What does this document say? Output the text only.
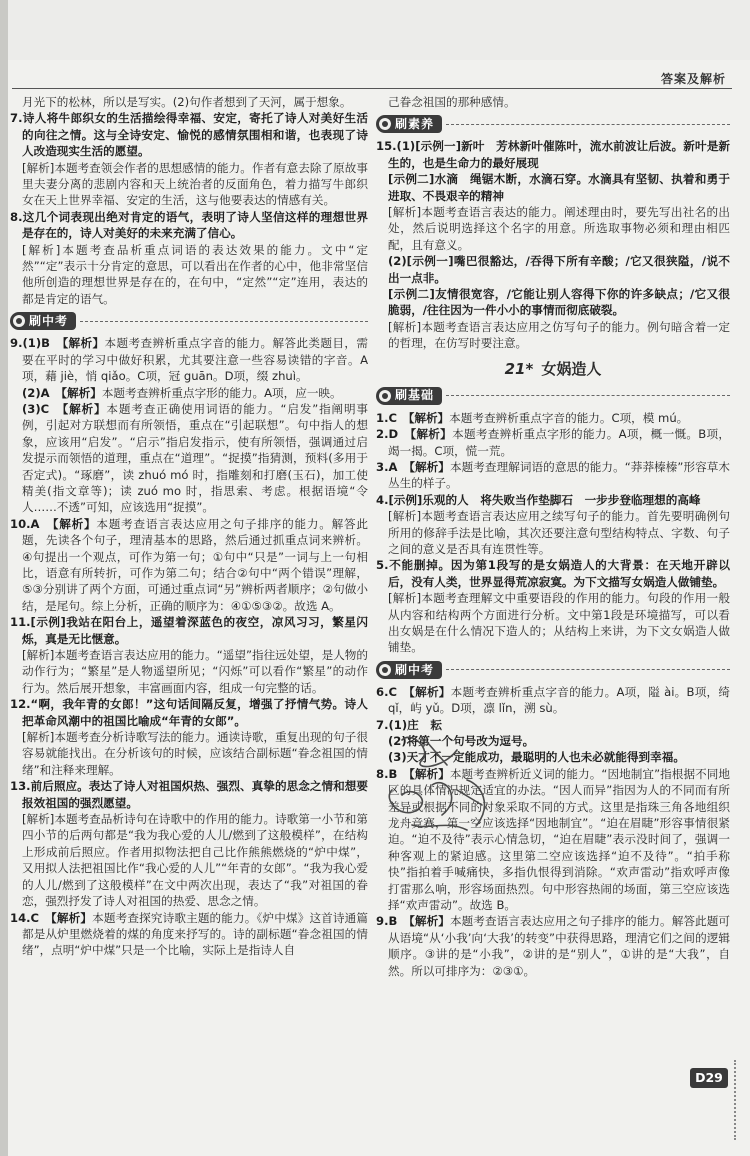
答案及解析

月光下的松林，所以是写实。(2)句作者想到了天河，属于想象。

7.诗人将牛郎织女的生活描绘得幸福、安定，寄托了诗人对美好生活的向往之情。这与全诗安定、愉悦的感情氛围相和谐，也表现了诗人改造现实生活的愿望。

[解析]本题考查领会作者的思想感情的能力。作者有意去除了原故事里夫妻分离的悲剧内容和天上统治者的反面角色，着力描写牛郎织女在天上世界幸福、安定的生活，这与他要表达的情感有关。

8.这几个词表现出绝对肯定的语气，表明了诗人坚信这样的理想世界是存在的，诗人对美好的未来充满了信心。

[解析]本题考查品析重点词语的表达效果的能力。文中“定然”“定”表示十分肯定的意思，可以看出在作者的心中，他非常坚信他所创造的理想世界是存在的，在句中，“定然”“定”连用，表达的都是肯定的语气。

刷中考

9.(1)B　【解析】本题考查辨析重点字音的能力。解答此类题目，需要在平时的学习中做好积累，尤其要注意一些容易读错的字音。A项，藉 jiè，悄 qiǎo。C项，冠 guān。D项，缀 zhuì。

(2)A　【解析】本题考查辨析重点字形的能力。A项，应一映。

(3)C　【解析】本题考查正确使用词语的能力。“启发”指阐明事例，引起对方联想而有所领悟，重点在“引起联想”。句中指人的想象，应该用“启发”。“启示”指启发指示，使有所领悟，强调通过启发提示而领悟的道理，重点在“道理”。“捉摸”指猜测，预料(多用于否定式)。“琢磨”，读 zhuó mó 时，指雕刻和打磨(玉石)，加工使精美(指文章等)；读 zuó mo 时，指思索、考虑。根据语境“令人……不透”可知，应该选用“捉摸”。

10.A　【解析】本题考查语言表达应用之句子排序的能力。解答此题，先读各个句子，理清基本的思路，然后通过抓重点词来辨析。④句提出一个观点，可作为第一句；①句中“只是”一词与上一句相比，语意有所转折，可作为第二句；结合②句中“两个错误”理解，⑤③分别讲了两个方面，可通过重点词“另”辨析两者顺序；②句做小结，是尾句。综上分析，正确的顺序为：④①⑤③②。故选 A。

11.[示例]我站在阳台上，遥望着深蓝色的夜空，凉风习习，繁星闪烁，真是无比惬意。

[解析]本题考查语言表达应用的能力。“遥望”指往远处望，是人物的动作行为；“繁星”是人物遥望所见；“闪烁”可以看作“繁星”的动作行为。然后展开想象，丰富画面内容，组成一句完整的话。

12.“啊，我年青的女郎！”这句话间隔反复，增强了抒情气势。诗人把革命风潮中的祖国比喻成“年青的女郎”。

[解析]本题考查分析诗歌写法的能力。通读诗歌，重复出现的句子很容易就能找出。在分析该句的时候，应该结合副标题“眷念祖国的情绪”和注释来理解。

13.前后照应。表达了诗人对祖国炽热、强烈、真挚的思念之情和想要报效祖国的强烈愿望。

[解析]本题考查品析诗句在诗歌中的作用的能力。诗歌第一小节和第四小节的后两句都是“我为我心爱的人儿/燃到了这般模样”，在结构上形成前后照应。作者用拟物法把自己比作熊熊燃烧的“炉中煤”，又用拟人法把祖国比作“我心爱的人儿”“年青的女郎”。“我为我心爱的人儿/燃到了这般模样”在文中两次出现，表达了“我”对祖国的眷恋，强烈抒发了诗人对祖国的热爱、思念之情。

14.C　【解析】本题考查探究诗歌主题的能力。《炉中煤》这首诗通篇都是从炉里燃烧着的煤的角度来抒写的。诗的副标题“眷念祖国的情绪”，点明“炉中煤”只是一个比喻，实际上是指诗人自

己眷念祖国的那种感情。

刷素养

15.(1)[示例一]新叶　芳林新叶催陈叶，流水前波让后波。新叶是新生的，也是生命力的最好展现

[示例二]水滴　绳锯木断，水滴石穿。水滴具有坚韧、执着和勇于进取、不畏艰辛的精神

[解析]本题考查语言表达的能力。阐述理由时，要先写出社名的出处，然后说明选择这个名字的用意。所选取事物必须和理由相匹配，且有意义。

(2)[示例一]嘴巴很豁达，/吞得下所有辛酸；/它又很狭隘，/说不出一点非。

[示例二]友情很宽容，/它能让别人容得下你的许多缺点；/它又很脆弱，/往往因为一件小小的事情而彻底破裂。

[解析]本题考查语言表达应用之仿写句子的能力。例句暗含着一定的哲理，在仿写时要注意。

21* 女娲造人
刷基础

1.C　【解析】本题考查辨析重点字音的能力。C项，模 mú。

2.D　【解析】本题考查辨析重点字形的能力。A项，概一慨。B项，竭一揭。C项，慌一荒。

3.A　【解析】本题考查理解词语的意思的能力。“莽莽榛榛”形容草木丛生的样子。

4.[示例]乐观的人　将失败当作垫脚石　一步步登临理想的高峰

[解析]本题考查语言表达应用之续写句子的能力。首先要明确例句所用的修辞手法是比喻，其次还要注意句型结构特点、字数、句子之间的意义是否具有连贯性等。

5.不能删掉。因为第1段写的是女娲造人的大背景：在天地开辟以后，没有人类，世界显得荒凉寂寞。为下文描写女娲造人做铺垫。

[解析]本题考查理解文中重要语段的作用的能力。句段的作用一般从内容和结构两个方面进行分析。文中第1段是环境描写，可以看出女娲是在什么情况下造人的；从结构上来讲，为下文女娲造人做铺垫。

刷中考

6.C　【解析】本题考查辨析重点字音的能力。A项，隘 ài。B项，绮 qǐ，屿 yǔ。D项，凛 lǐn，溯 sù。

7.(1)庄　耘

(2)将第一个句号改为逗号。

(3)天才不一定能成功，最聪明的人也未必就能得到幸福。

8.B　【解析】本题考查辨析近义词的能力。“因地制宜”指根据不同地区的具体情况规定适宜的办法。“因人而异”指因为人的不同而有所差异或根据不同的对象采取不同的方式。这里是指珠三角各地组织龙舟竞赛，第一空应该选择“因地制宜”。“迫在眉睫”形容事情很紧迫。“迫不及待”表示心情急切，“迫在眉睫”表示没时间了，强调一种客观上的紧迫感。这里第二空应该选择“迫不及待”。“拍手称快”指拍着手喊痛快，多指仇恨得到消除。“欢声雷动”指欢呼声像打雷那么响，形容场面热烈。句中形容热闹的场面，第三空应该选择“欢声雷动”。故选 B。

9.B　【解析】本题考查语言表达应用之句子排序的能力。解答此题可从语境“从‘小我’向‘大我’的转变”中获得思路，理清它们之间的逻辑顺序。③讲的是“小我”，②讲的是“别人”，①讲的是“大我”，自然。所以可排序为：②③①。

D29
